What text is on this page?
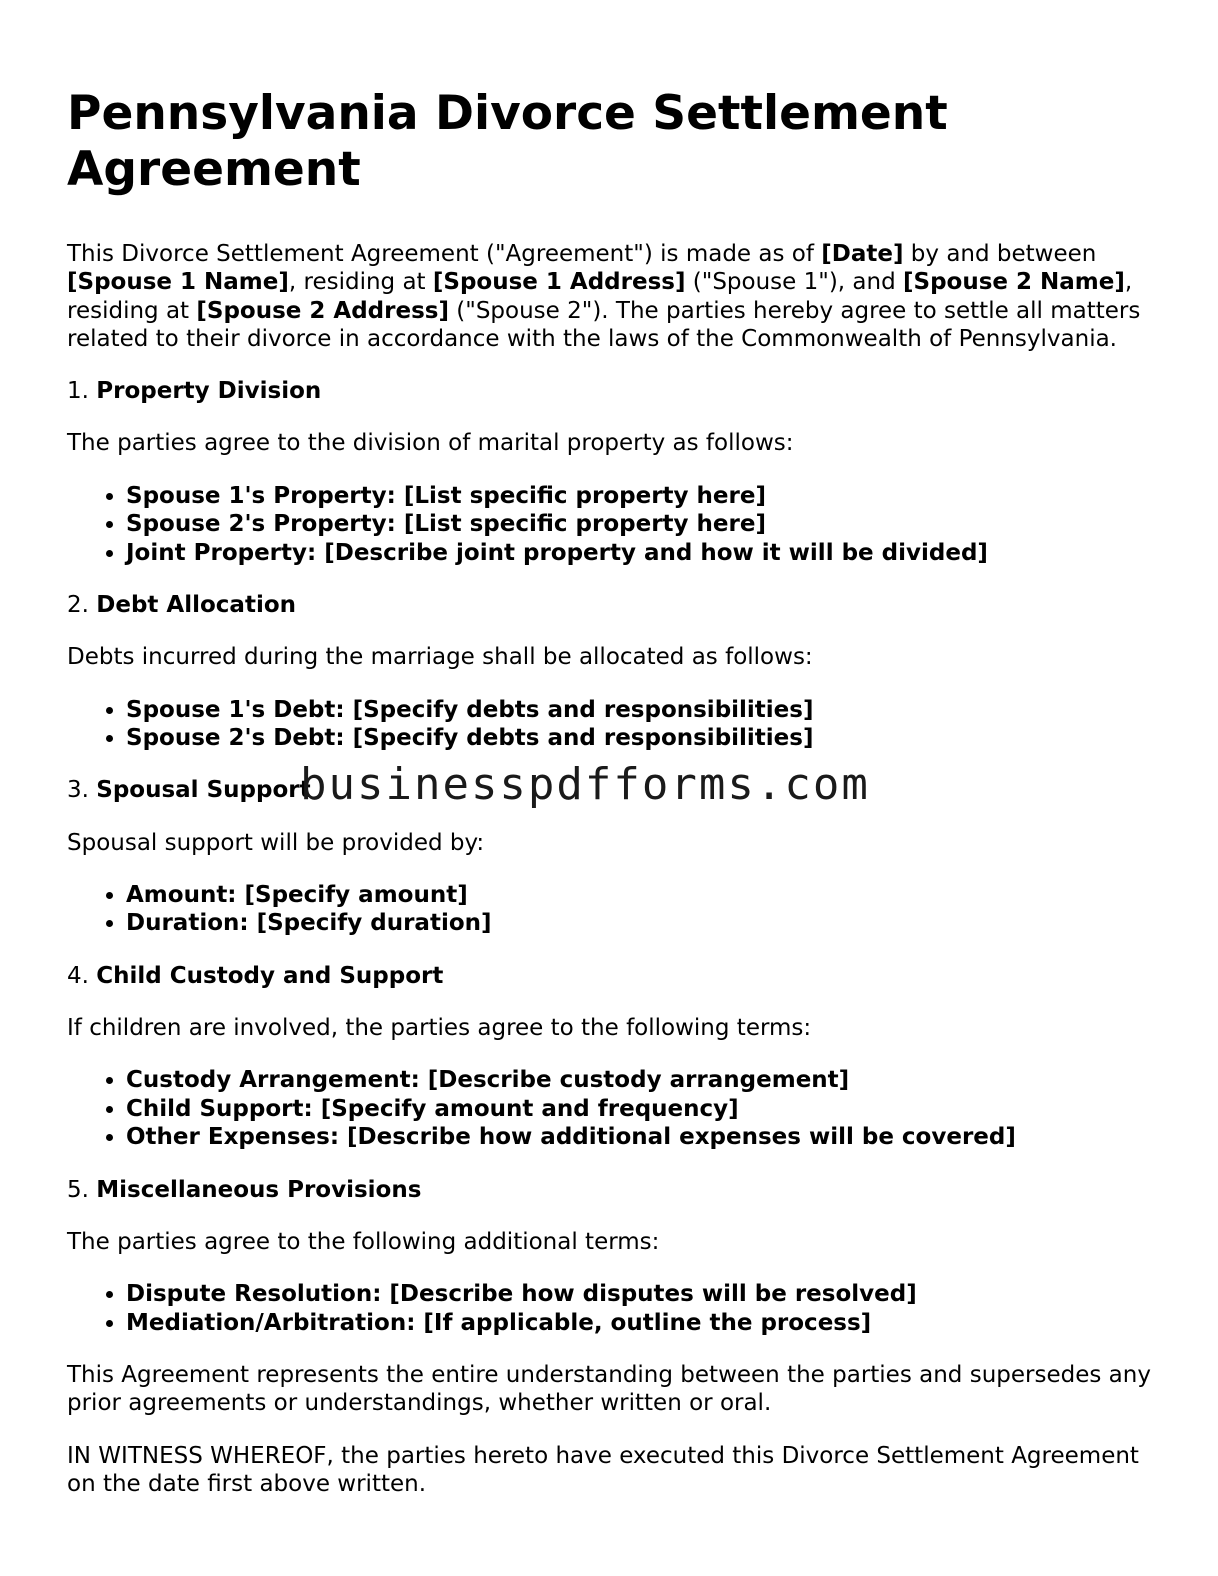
Pennsylvania Divorce Settlement Agreement

This Divorce Settlement Agreement ("Agreement") is made as of [Date] by and between [Spouse 1 Name], residing at [Spouse 1 Address] ("Spouse 1"), and [Spouse 2 Name], residing at [Spouse 2 Address] ("Spouse 2"). The parties hereby agree to settle all matters related to their divorce in accordance with the laws of the Commonwealth of Pennsylvania.

1. Property Division

The parties agree to the division of marital property as follows:

• Spouse 1's Property: [List specific property here]
• Spouse 2's Property: [List specific property here]
• Joint Property: [Describe joint property and how it will be divided]

2. Debt Allocation

Debts incurred during the marriage shall be allocated as follows:

• Spouse 1's Debt: [Specify debts and responsibilities]
• Spouse 2's Debt: [Specify debts and responsibilities]

3. Spousal Support

Spousal support will be provided by:

• Amount: [Specify amount]
• Duration: [Specify duration]

4. Child Custody and Support

If children are involved, the parties agree to the following terms:

• Custody Arrangement: [Describe custody arrangement]
• Child Support: [Specify amount and frequency]
• Other Expenses: [Describe how additional expenses will be covered]

5. Miscellaneous Provisions

The parties agree to the following additional terms:

• Dispute Resolution: [Describe how disputes will be resolved]
• Mediation/Arbitration: [If applicable, outline the process]

This Agreement represents the entire understanding between the parties and supersedes any prior agreements or understandings, whether written or oral.

IN WITNESS WHEREOF, the parties hereto have executed this Divorce Settlement Agreement on the date first above written.

businesspdfforms.com
